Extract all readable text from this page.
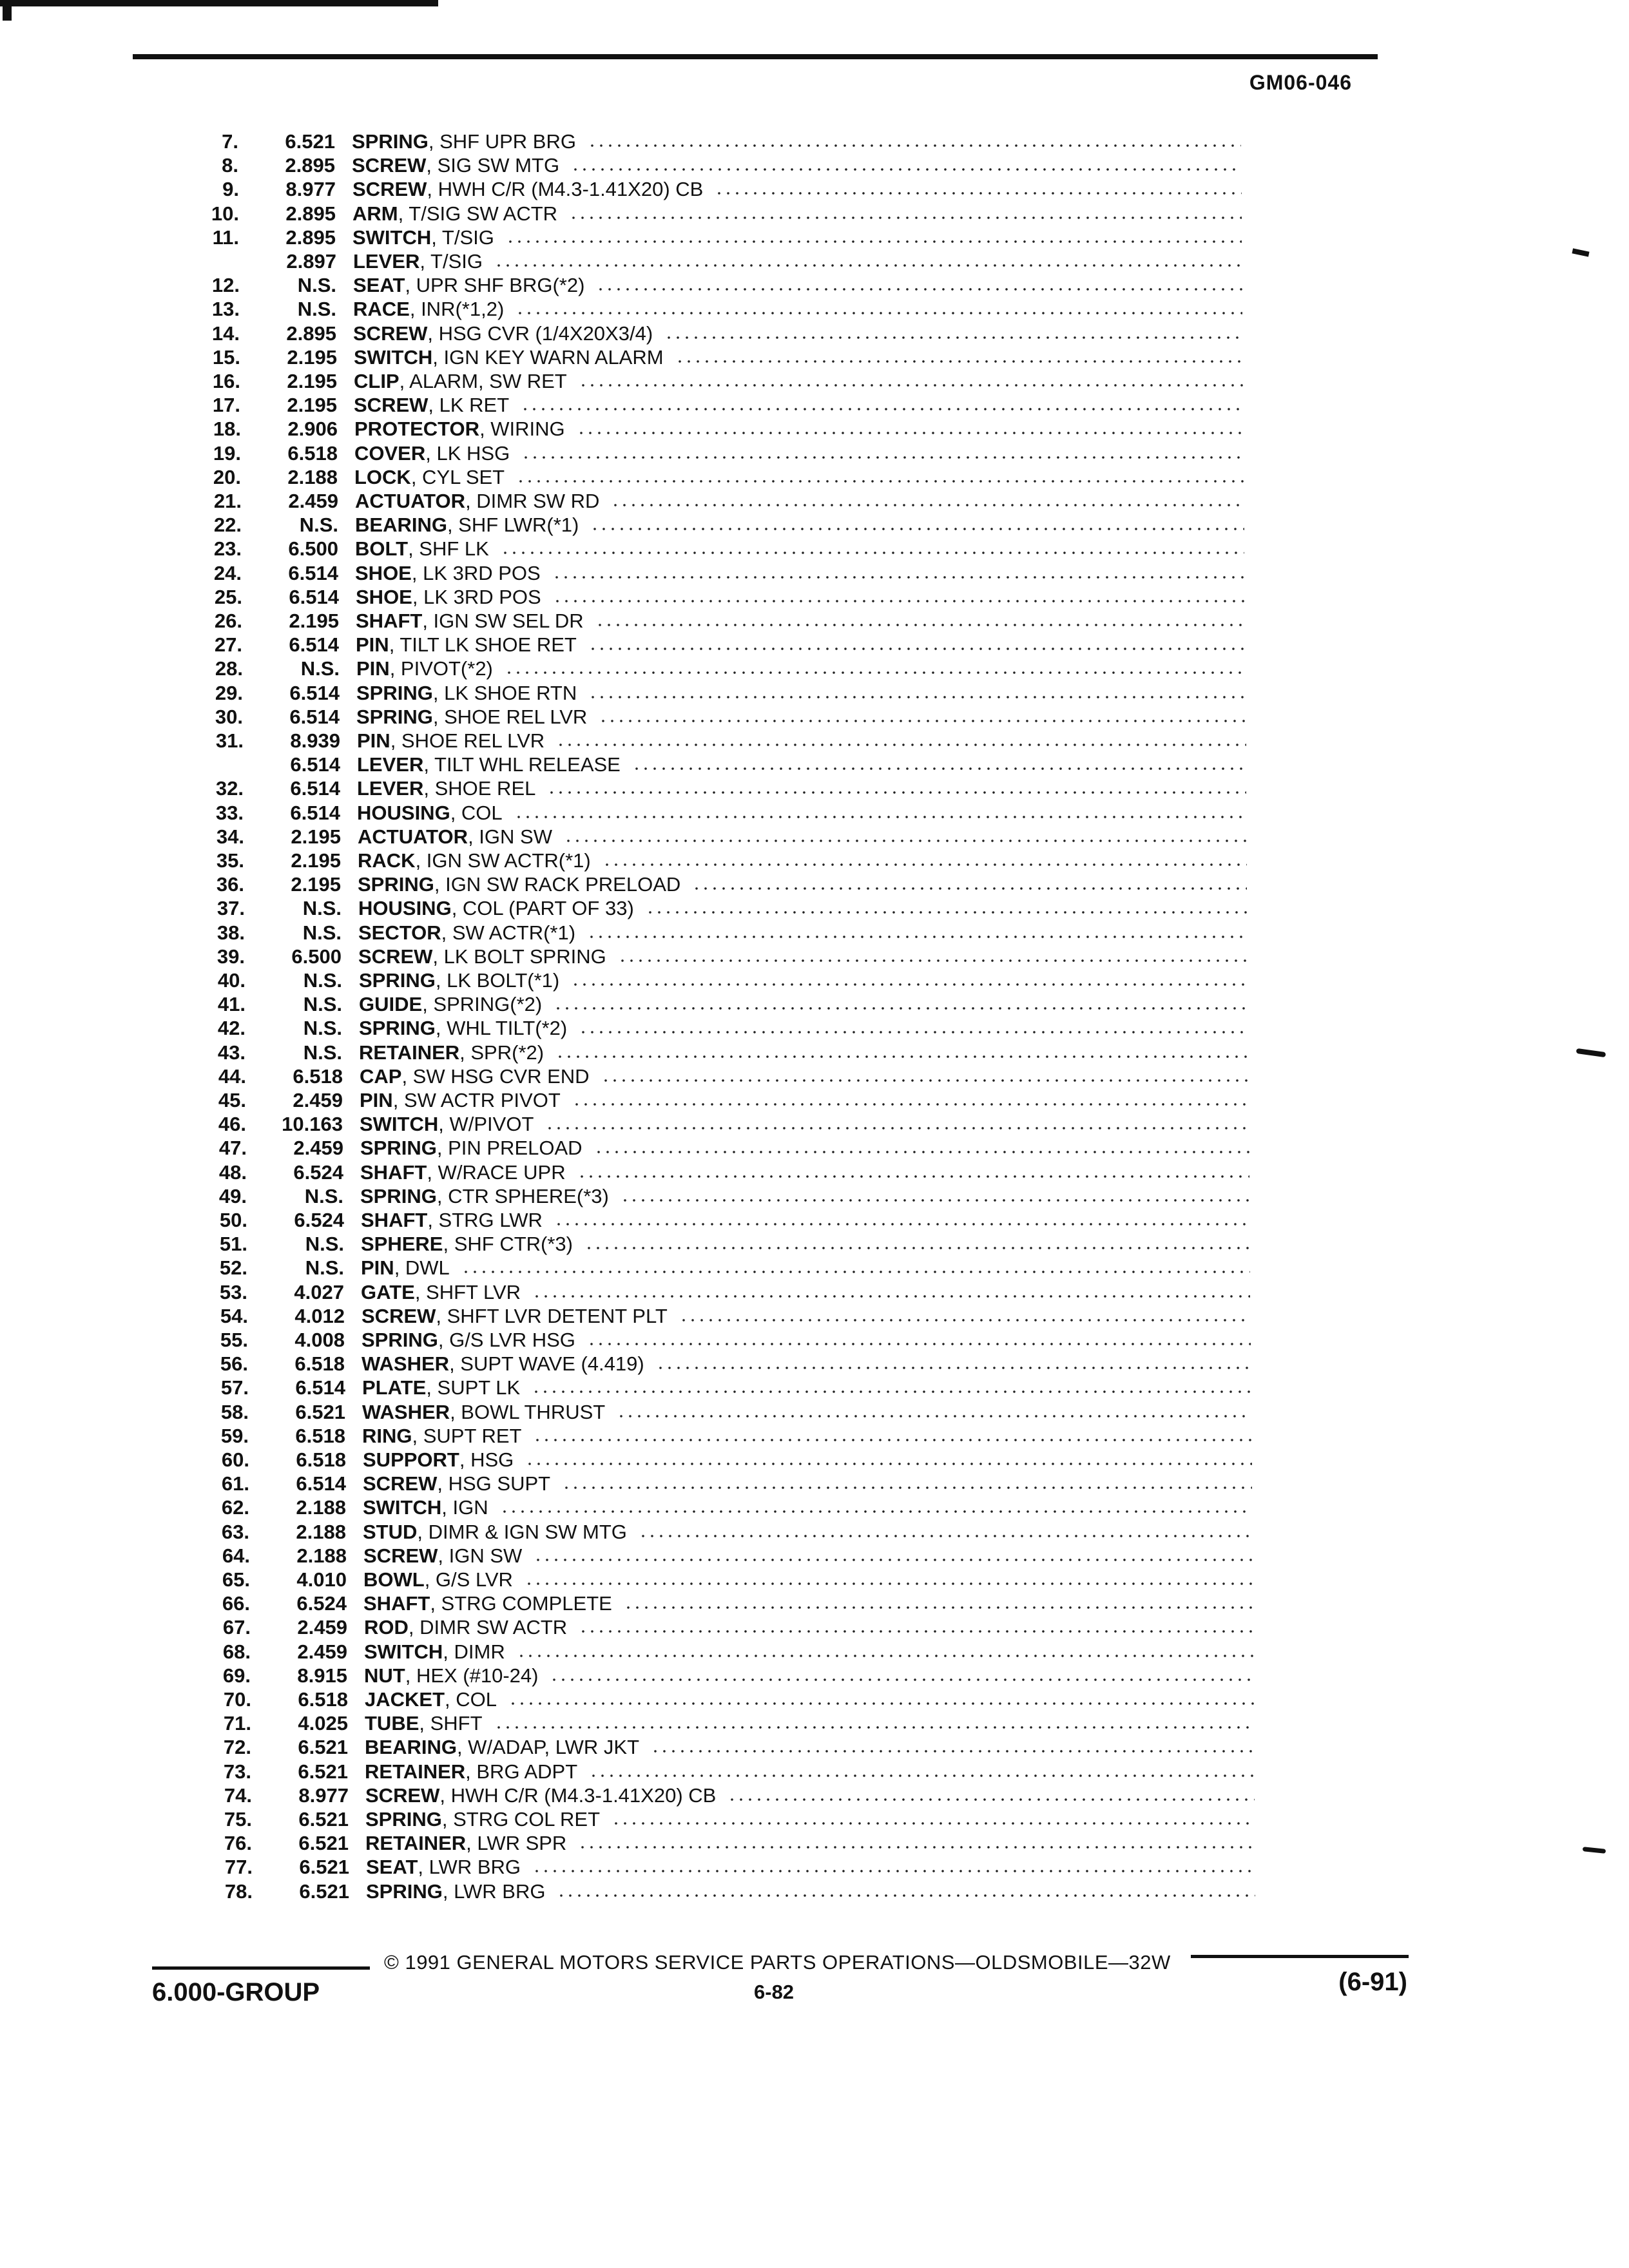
GM06-046
7.	6.521 SPRING, SHF UPR BRG
8.	2.895 SCREW, SIG SW MTG
9.	8.977 SCREW, HWH C/R (M4.3-1.41X20) CB
10.	2.895 ARM, T/SIG SW ACTR
11.	2.895 SWITCH, T/SIG
2.897 LEVER, T/SIG
12.	N.S. SEAT, UPR SHF BRG(*2)
13.	N.S. RACE, INR(*1,2)
14.	2.895 SCREW, HSG CVR (1/4X20X3/4)
15.	2.195 SWITCH, IGN KEY WARN ALARM
16.	2.195 CLIP, ALARM, SW RET
17.	2.195 SCREW, LK RET
18.	2.906 PROTECTOR, WIRING
19.	6.518 COVER, LK HSG
20.	2.188 LOCK, CYL SET
21.	2.459 ACTUATOR, DIMR SW RD
22.	N.S. BEARING, SHF LWR(*1)
23.	6.500 BOLT, SHF LK
24.	6.514 SHOE, LK 3RD POS
25.	6.514 SHOE, LK 3RD POS
26.	2.195 SHAFT, IGN SW SEL DR
27.	6.514 PIN, TILT LK SHOE RET
28.	N.S. PIN, PIVOT(*2)
29.	6.514 SPRING, LK SHOE RTN
30.	6.514 SPRING, SHOE REL LVR
31.	8.939 PIN, SHOE REL LVR
6.514 LEVER, TILT WHL RELEASE
32.	6.514 LEVER, SHOE REL
33.	6.514 HOUSING, COL
34.	2.195 ACTUATOR, IGN SW
35.	2.195 RACK, IGN SW ACTR(*1)
36.	2.195 SPRING, IGN SW RACK PRELOAD
37.	N.S. HOUSING, COL (PART OF 33)
38.	N.S. SECTOR, SW ACTR(*1)
39.	6.500 SCREW, LK BOLT SPRING
40.	N.S. SPRING, LK BOLT(*1)
41.	N.S. GUIDE, SPRING(*2)
42.	N.S. SPRING, WHL TILT(*2)
43.	N.S. RETAINER, SPR(*2)
44.	6.518 CAP, SW HSG CVR END
45.	2.459 PIN, SW ACTR PIVOT
46.	10.163 SWITCH, W/PIVOT
47.	2.459 SPRING, PIN PRELOAD
48.	6.524 SHAFT, W/RACE UPR
49.	N.S. SPRING, CTR SPHERE(*3)
50.	6.524 SHAFT, STRG LWR
51.	N.S. SPHERE, SHF CTR(*3)
52.	N.S. PIN, DWL
53.	4.027 GATE, SHFT LVR
54.	4.012 SCREW, SHFT LVR DETENT PLT
55.	4.008 SPRING, G/S LVR HSG
56.	6.518 WASHER, SUPT WAVE (4.419)
57.	6.514 PLATE, SUPT LK
58.	6.521 WASHER, BOWL THRUST
59.	6.518 RING, SUPT RET
60.	6.518 SUPPORT, HSG
61.	6.514 SCREW, HSG SUPT
62.	2.188 SWITCH, IGN
63.	2.188 STUD, DIMR & IGN SW MTG
64.	2.188 SCREW, IGN SW
65.	4.010 BOWL, G/S LVR
66.	6.524 SHAFT, STRG COMPLETE
67.	2.459 ROD, DIMR SW ACTR
68.	2.459 SWITCH, DIMR
69.	8.915 NUT, HEX (#10-24)
70.	6.518 JACKET, COL
71.	4.025 TUBE, SHFT
72.	6.521 BEARING, W/ADAP, LWR JKT
73.	6.521 RETAINER, BRG ADPT
74.	8.977 SCREW, HWH C/R (M4.3-1.41X20) CB
75.	6.521 SPRING, STRG COL RET
76.	6.521 RETAINER, LWR SPR
77.	6.521 SEAT, LWR BRG
78.	6.521 SPRING, LWR BRG
© 1991 GENERAL MOTORS SERVICE PARTS OPERATIONS—OLDSMOBILE—32W
6.000-GROUP	6-82	(6-91)
